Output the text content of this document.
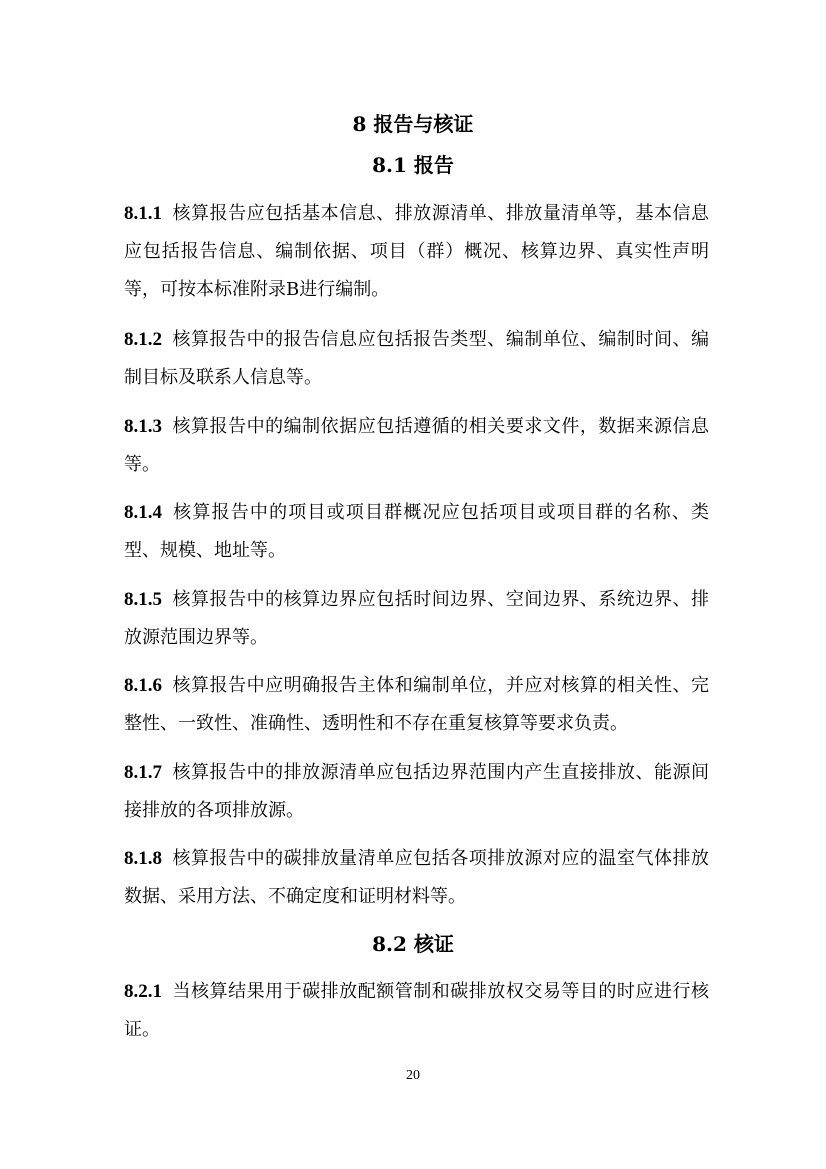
8 报告与核证
8.1 报告

8.1.1 核算报告应包括基本信息、排放源清单、排放量清单等，基本信息应包括报告信息、编制依据、项目（群）概况、核算边界、真实性声明等，可按本标准附录B进行编制。

8.1.2 核算报告中的报告信息应包括报告类型、编制单位、编制时间、编制目标及联系人信息等。

8.1.3 核算报告中的编制依据应包括遵循的相关要求文件，数据来源信息等。

8.1.4 核算报告中的项目或项目群概况应包括项目或项目群的名称、类型、规模、地址等。

8.1.5 核算报告中的核算边界应包括时间边界、空间边界、系统边界、排放源范围边界等。

8.1.6 核算报告中应明确报告主体和编制单位，并应对核算的相关性、完整性、一致性、准确性、透明性和不存在重复核算等要求负责。

8.1.7 核算报告中的排放源清单应包括边界范围内产生直接排放、能源间接排放的各项排放源。

8.1.8 核算报告中的碳排放量清单应包括各项排放源对应的温室气体排放数据、采用方法、不确定度和证明材料等。

8.2 核证

8.2.1 当核算结果用于碳排放配额管制和碳排放权交易等目的时应进行核证。

20
